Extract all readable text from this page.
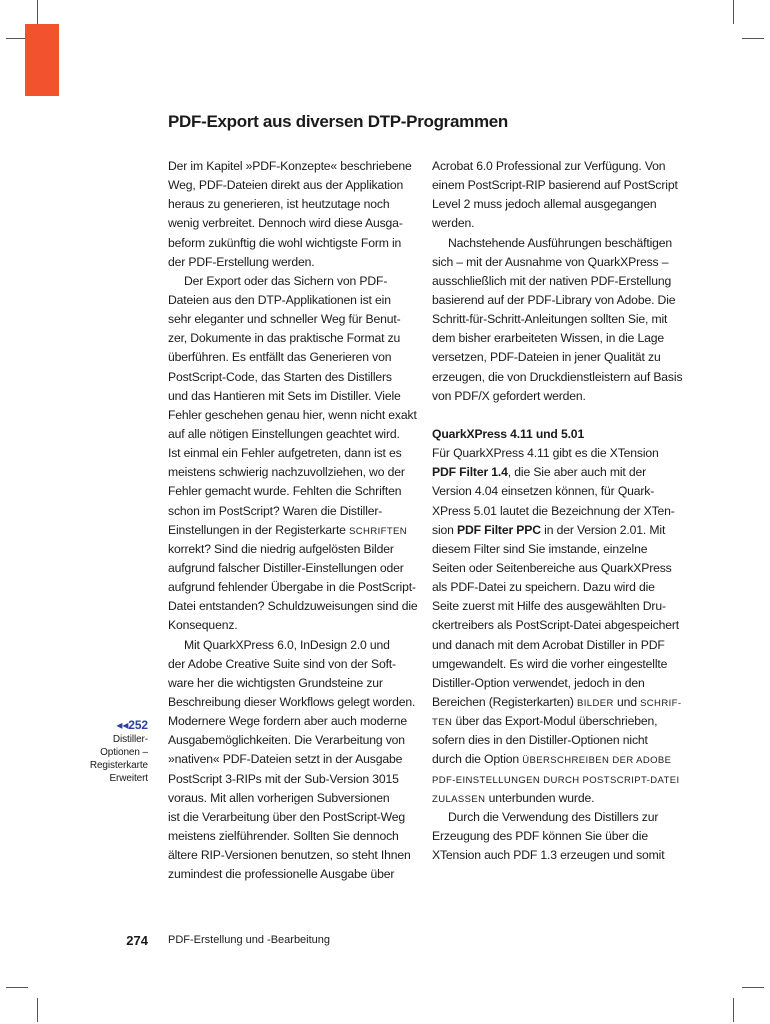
PDF-Export aus diversen DTP-Programmen
Der im Kapitel »PDF-Konzepte« beschriebene
Weg, PDF-Dateien direkt aus der Applikation
heraus zu generieren, ist heutzutage noch
wenig verbreitet. Dennoch wird diese Ausga-
beform zukünftig die wohl wichtigste Form in
der PDF-Erstellung werden.
Der Export oder das Sichern von PDF-
Dateien aus den DTP-Applikationen ist ein
sehr eleganter und schneller Weg für Benut-
zer, Dokumente in das praktische Format zu
überführen. Es entfällt das Generieren von
PostScript-Code, das Starten des Distillers
und das Hantieren mit Sets im Distiller. Viele
Fehler geschehen genau hier, wenn nicht exakt
auf alle nötigen Einstellungen geachtet wird.
Ist einmal ein Fehler aufgetreten, dann ist es
meistens schwierig nachzuvollziehen, wo der
Fehler gemacht wurde. Fehlten die Schriften
schon im PostScript? Waren die Distiller-
Einstellungen in der Registerkarte SCHRIFTEN
korrekt? Sind die niedrig aufgelösten Bilder
aufgrund falscher Distiller-Einstellungen oder
aufgrund fehlender Übergabe in die PostScript-
Datei entstanden? Schuldzuweisungen sind die
Konsequenz.
Mit QuarkXPress 6.0, InDesign 2.0 und
der Adobe Creative Suite sind von der Soft-
ware her die wichtigsten Grundsteine zur
Beschreibung dieser Workflows gelegt worden.
Modernere Wege fordern aber auch moderne
Ausgabemöglichkeiten. Die Verarbeitung von
»nativen« PDF-Dateien setzt in der Ausgabe
PostScript 3-RIPs mit der Sub-Version 3015
voraus. Mit allen vorherigen Subversionen
ist die Verarbeitung über den PostScript-Weg
meistens zielführender. Sollten Sie dennoch
ältere RIP-Versionen benutzen, so steht Ihnen
zumindest die professionelle Ausgabe über
Acrobat 6.0 Professional zur Verfügung. Von
einem PostScript-RIP basierend auf PostScript
Level 2 muss jedoch allemal ausgegangen
werden.
Nachstehende Ausführungen beschäftigen
sich – mit der Ausnahme von QuarkXPress –
ausschließlich mit der nativen PDF-Erstellung
basierend auf der PDF-Library von Adobe. Die
Schritt-für-Schritt-Anleitungen sollten Sie, mit
dem bisher erarbeiteten Wissen, in die Lage
versetzen, PDF-Dateien in jener Qualität zu
erzeugen, die von Druckdienstleistern auf Basis
von PDF/X gefordert werden.
QuarkXPress 4.11 und 5.01
Für QuarkXPress 4.11 gibt es die XTension
PDF Filter 1.4, die Sie aber auch mit der
Version 4.04 einsetzen können, für Quark-
XPress 5.01 lautet die Bezeichnung der XTen-
sion PDF Filter PPC in der Version 2.01. Mit
diesem Filter sind Sie imstande, einzelne
Seiten oder Seitenbereiche aus QuarkXPress
als PDF-Datei zu speichern. Dazu wird die
Seite zuerst mit Hilfe des ausgewählten Dru-
ckertreibers als PostScript-Datei abgespeichert
und danach mit dem Acrobat Distiller in PDF
umgewandelt. Es wird die vorher eingestellte
Distiller-Option verwendet, jedoch in den
Bereichen (Registerkarten) BILDER und SCHRIF-
TEN über das Export-Modul überschrieben,
sofern dies in den Distiller-Optionen nicht
durch die Option ÜBERSCHREIBEN DER ADOBE
PDF-EINSTELLUNGEN DURCH POSTSCRIPT-DATEI
ZULASSEN unterbunden wurde.
Durch die Verwendung des Distillers zur
Erzeugung des PDF können Sie über die
XTension auch PDF 1.3 erzeugen und somit
◂◂252
Distiller-
Optionen –
Registerkarte
Erweitert
274 PDF-Erstellung und -Bearbeitung
